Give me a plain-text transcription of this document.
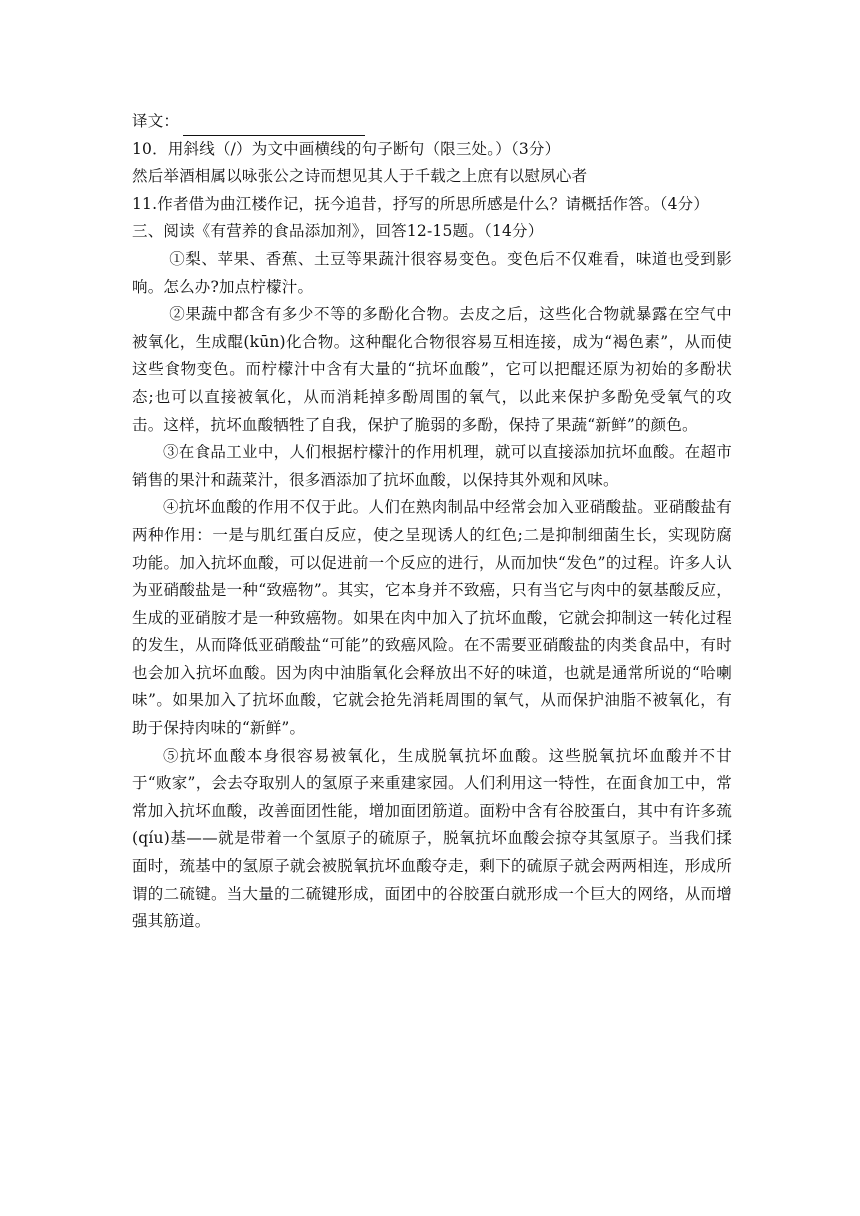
译文：

10．用斜线（/）为文中画横线的句子断句（限三处。）（3分）

然后举酒相属以咏张公之诗而想见其人于千载之上庶有以慰夙心者

11.作者借为曲江楼作记，抚今追昔，抒写的所思所感是什么？请概括作答。（4分）

三、阅读《有营养的食品添加剂》，回答12-15题。（14分）

①梨、苹果、香蕉、土豆等果蔬汁很容易变色。变色后不仅难看，味道也受到影响。怎么办?加点柠檬汁。

②果蔬中都含有多少不等的多酚化合物。去皮之后，这些化合物就暴露在空气中被氧化，生成醌(kūn)化合物。这种醌化合物很容易互相连接，成为“褐色素”，从而使这些食物变色。而柠檬汁中含有大量的“抗坏血酸”，它可以把醌还原为初始的多酚状态;也可以直接被氧化，从而消耗掉多酚周围的氧气，以此来保护多酚免受氧气的攻击。这样，抗坏血酸牺牲了自我，保护了脆弱的多酚，保持了果蔬“新鲜”的颜色。

③在食品工业中，人们根据柠檬汁的作用机理，就可以直接添加抗坏血酸。在超市销售的果汁和蔬菜汁，很多酒添加了抗坏血酸，以保持其外观和风味。

④抗坏血酸的作用不仅于此。人们在熟肉制品中经常会加入亚硝酸盐。亚硝酸盐有两种作用：一是与肌红蛋白反应，使之呈现诱人的红色;二是抑制细菌生长，实现防腐功能。加入抗坏血酸，可以促进前一个反应的进行，从而加快“发色”的过程。许多人认为亚硝酸盐是一种“致癌物”。其实，它本身并不致癌，只有当它与肉中的氨基酸反应，生成的亚硝胺才是一种致癌物。如果在肉中加入了抗坏血酸，它就会抑制这一转化过程的发生，从而降低亚硝酸盐“可能”的致癌风险。在不需要亚硝酸盐的肉类食品中，有时也会加入抗坏血酸。因为肉中油脂氧化会释放出不好的味道，也就是通常所说的“哈喇味”。如果加入了抗坏血酸，它就会抢先消耗周围的氧气，从而保护油脂不被氧化，有助于保持肉味的“新鲜”。

⑤抗坏血酸本身很容易被氧化，生成脱氧抗坏血酸。这些脱氧抗坏血酸并不甘于“败家”，会去夺取别人的氢原子来重建家园。人们利用这一特性，在面食加工中，常常加入抗坏血酸，改善面团性能，增加面团筋道。面粉中含有谷胶蛋白，其中有许多巯(qíu)基——就是带着一个氢原子的硫原子，脱氧抗坏血酸会掠夺其氢原子。当我们揉面时，巯基中的氢原子就会被脱氧抗坏血酸夺走，剩下的硫原子就会两两相连，形成所谓的二硫键。当大量的二硫键形成，面团中的谷胶蛋白就形成一个巨大的网络，从而增强其筋道。
